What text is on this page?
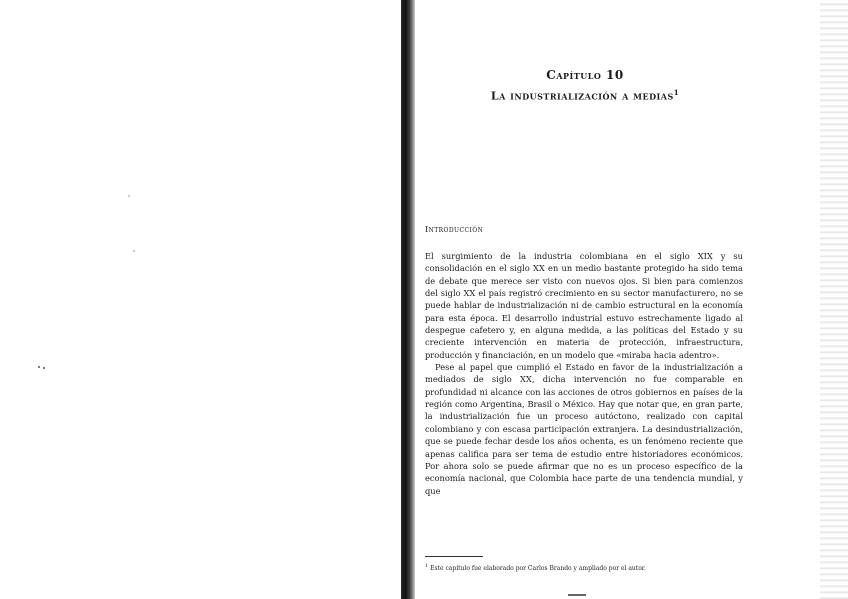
Capítulo 10
La industrialización a medias$^1$
Introducción

El surgimiento de la industria colombiana en el siglo XIX y su consolidación en el siglo XX en un medio bastante protegido ha sido tema de debate que merece ser visto con nuevos ojos. Si bien para comienzos del siglo XX el país registró crecimiento en su sector manufacturero, no se puede hablar de industrialización ni de cambio estructural en la economía para esta época. El desarrollo industrial estuvo estrechamente ligado al despegue cafetero y, en alguna medida, a las políticas del Estado y su creciente intervención en materia de protección, infraestructura, producción y financiación, en un modelo que «miraba hacia adentro».

Pese al papel que cumplió el Estado en favor de la industrialización a mediados de siglo XX, dicha intervención no fue comparable en profundidad ni alcance con las acciones de otros gobiernos en países de la región como Argentina, Brasil o México. Hay que notar que, en gran parte, la industrialización fue un proceso autóctono, realizado con capital colombiano y con escasa participación extranjera. La desindustrialización, que se puede fechar desde los años ochenta, es un fenómeno reciente que apenas califica para ser tema de estudio entre historiadores económicos. Por ahora solo se puede afirmar que no es un proceso específico de la economía nacional, que Colombia hace parte de una tendencia mundial, y que

$^1$ Este capítulo fue elaborado por Carlos Brando y ampliado por el autor.
